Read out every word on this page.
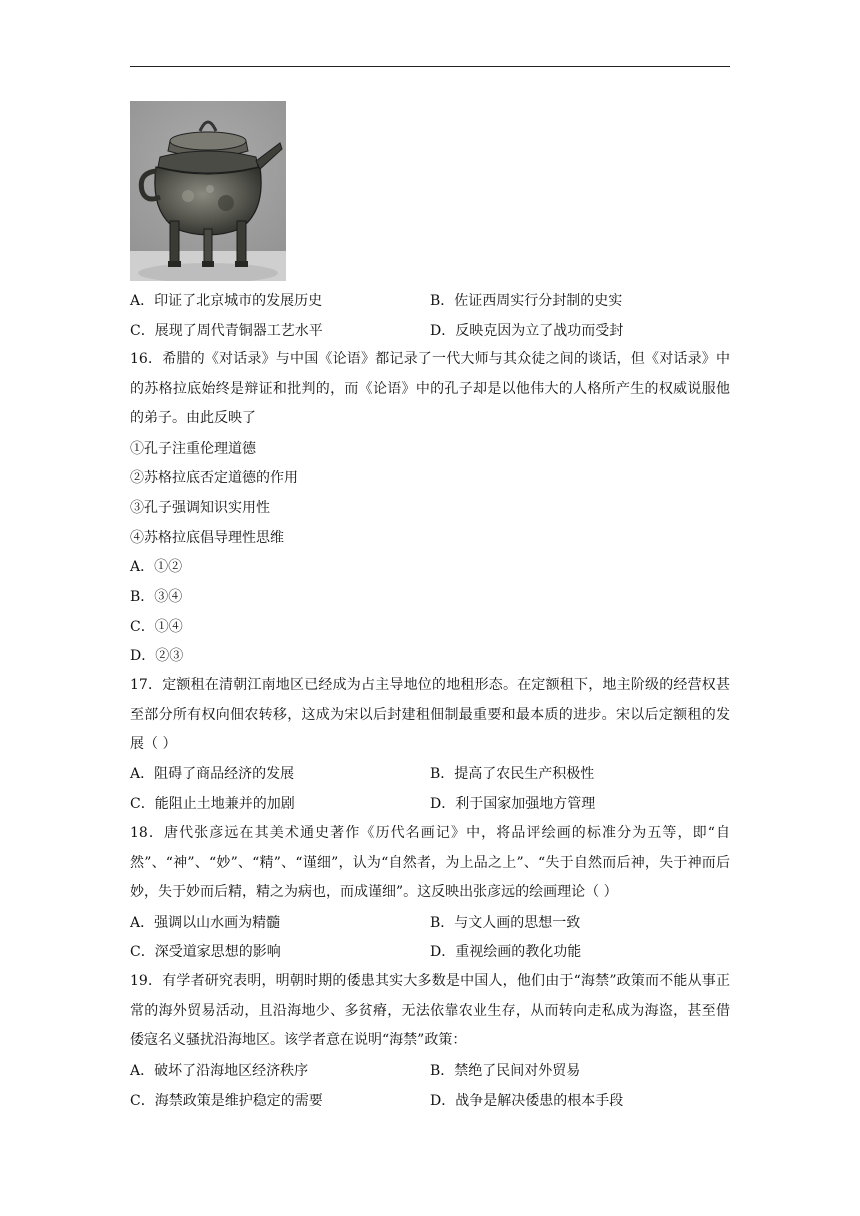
A．印证了北京城市的发展历史	B．佐证西周实行分封制的史实
C．展现了周代青铜器工艺水平	D．反映克因为立了战功而受封
16．希腊的《对话录》与中国《论语》都记录了一代大师与其众徒之间的谈话，但《对话录》中的苏格拉底始终是辩证和批判的，而《论语》中的孔子却是以他伟大的人格所产生的权威说服他的弟子。由此反映了
①孔子注重伦理道德
②苏格拉底否定道德的作用
③孔子强调知识实用性
④苏格拉底倡导理性思维
A．①②
B．③④
C．①④
D．②③
17．定额租在清朝江南地区已经成为占主导地位的地租形态。在定额租下，地主阶级的经营权甚至部分所有权向佃农转移，这成为宋以后封建租佃制最重要和最本质的进步。宋以后定额租的发展（ ）
A．阻碍了商品经济的发展	B．提高了农民生产积极性
C．能阻止土地兼并的加剧	D．利于国家加强地方管理
18．唐代张彦远在其美术通史著作《历代名画记》中，将品评绘画的标准分为五等，即“自然”、“神”、“妙”、“精”、“谨细”，认为“自然者，为上品之上”、“失于自然而后神，失于神而后妙，失于妙而后精，精之为病也，而成谨细”。这反映出张彦远的绘画理论（ ）
A．强调以山水画为精髓	B．与文人画的思想一致
C．深受道家思想的影响	D．重视绘画的教化功能
19．有学者研究表明，明朝时期的倭患其实大多数是中国人，他们由于“海禁”政策而不能从事正常的海外贸易活动，且沿海地少、多贫瘠，无法依靠农业生存，从而转向走私成为海盗，甚至借倭寇名义骚扰沿海地区。该学者意在说明“海禁”政策：
A．破坏了沿海地区经济秩序	B．禁绝了民间对外贸易
C．海禁政策是维护稳定的需要	D．战争是解决倭患的根本手段
